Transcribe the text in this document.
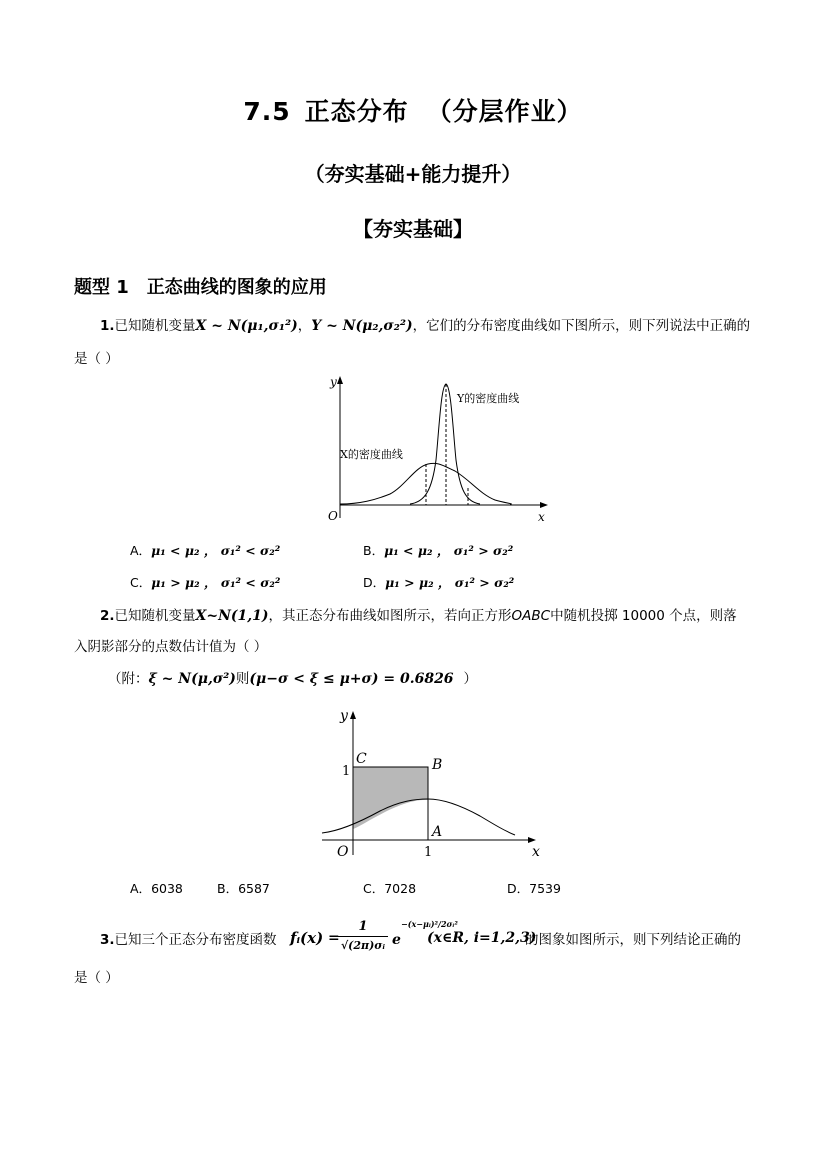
7.5 正态分布 （分层作业）
（夯实基础+能力提升）
【夯实基础】
题型 1 正态曲线的图象的应用
1.已知随机变量X ~ N(μ₁,σ₁²)，Y ~ N(μ₂,σ₂²)，它们的分布密度曲线如下图所示，则下列说法中正确的
是（ ）
y
x
O
X的密度曲线
Y的密度曲线
A．μ₁ < μ₂ ， σ₁² < σ₂²	B．μ₁ < μ₂ ， σ₁² > σ₂²
C．μ₁ > μ₂ ， σ₁² < σ₂²	D．μ₁ > μ₂ ， σ₁² > σ₂²
2.已知随机变量X~N(1,1)，其正态分布曲线如图所示，若向正方形OABC中随机投掷 10000 个点，则落
入阴影部分的点数估计值为（ ）
（附：ξ ~ N(μ,σ²)则(μ−σ < ξ ≤ μ+σ) = 0.6826 ）
y
x
O
C	B
A
1
1
A．6038	B．6587	C．7028	D．7539
3.已知三个正态分布密度函数 fᵢ(x) =
1
√(2π)σᵢ e
−(x−μᵢ)²/2σᵢ²
(x∈R, i=1,2,3)
的图象如图所示，则下列结论正确的
是（ ）
